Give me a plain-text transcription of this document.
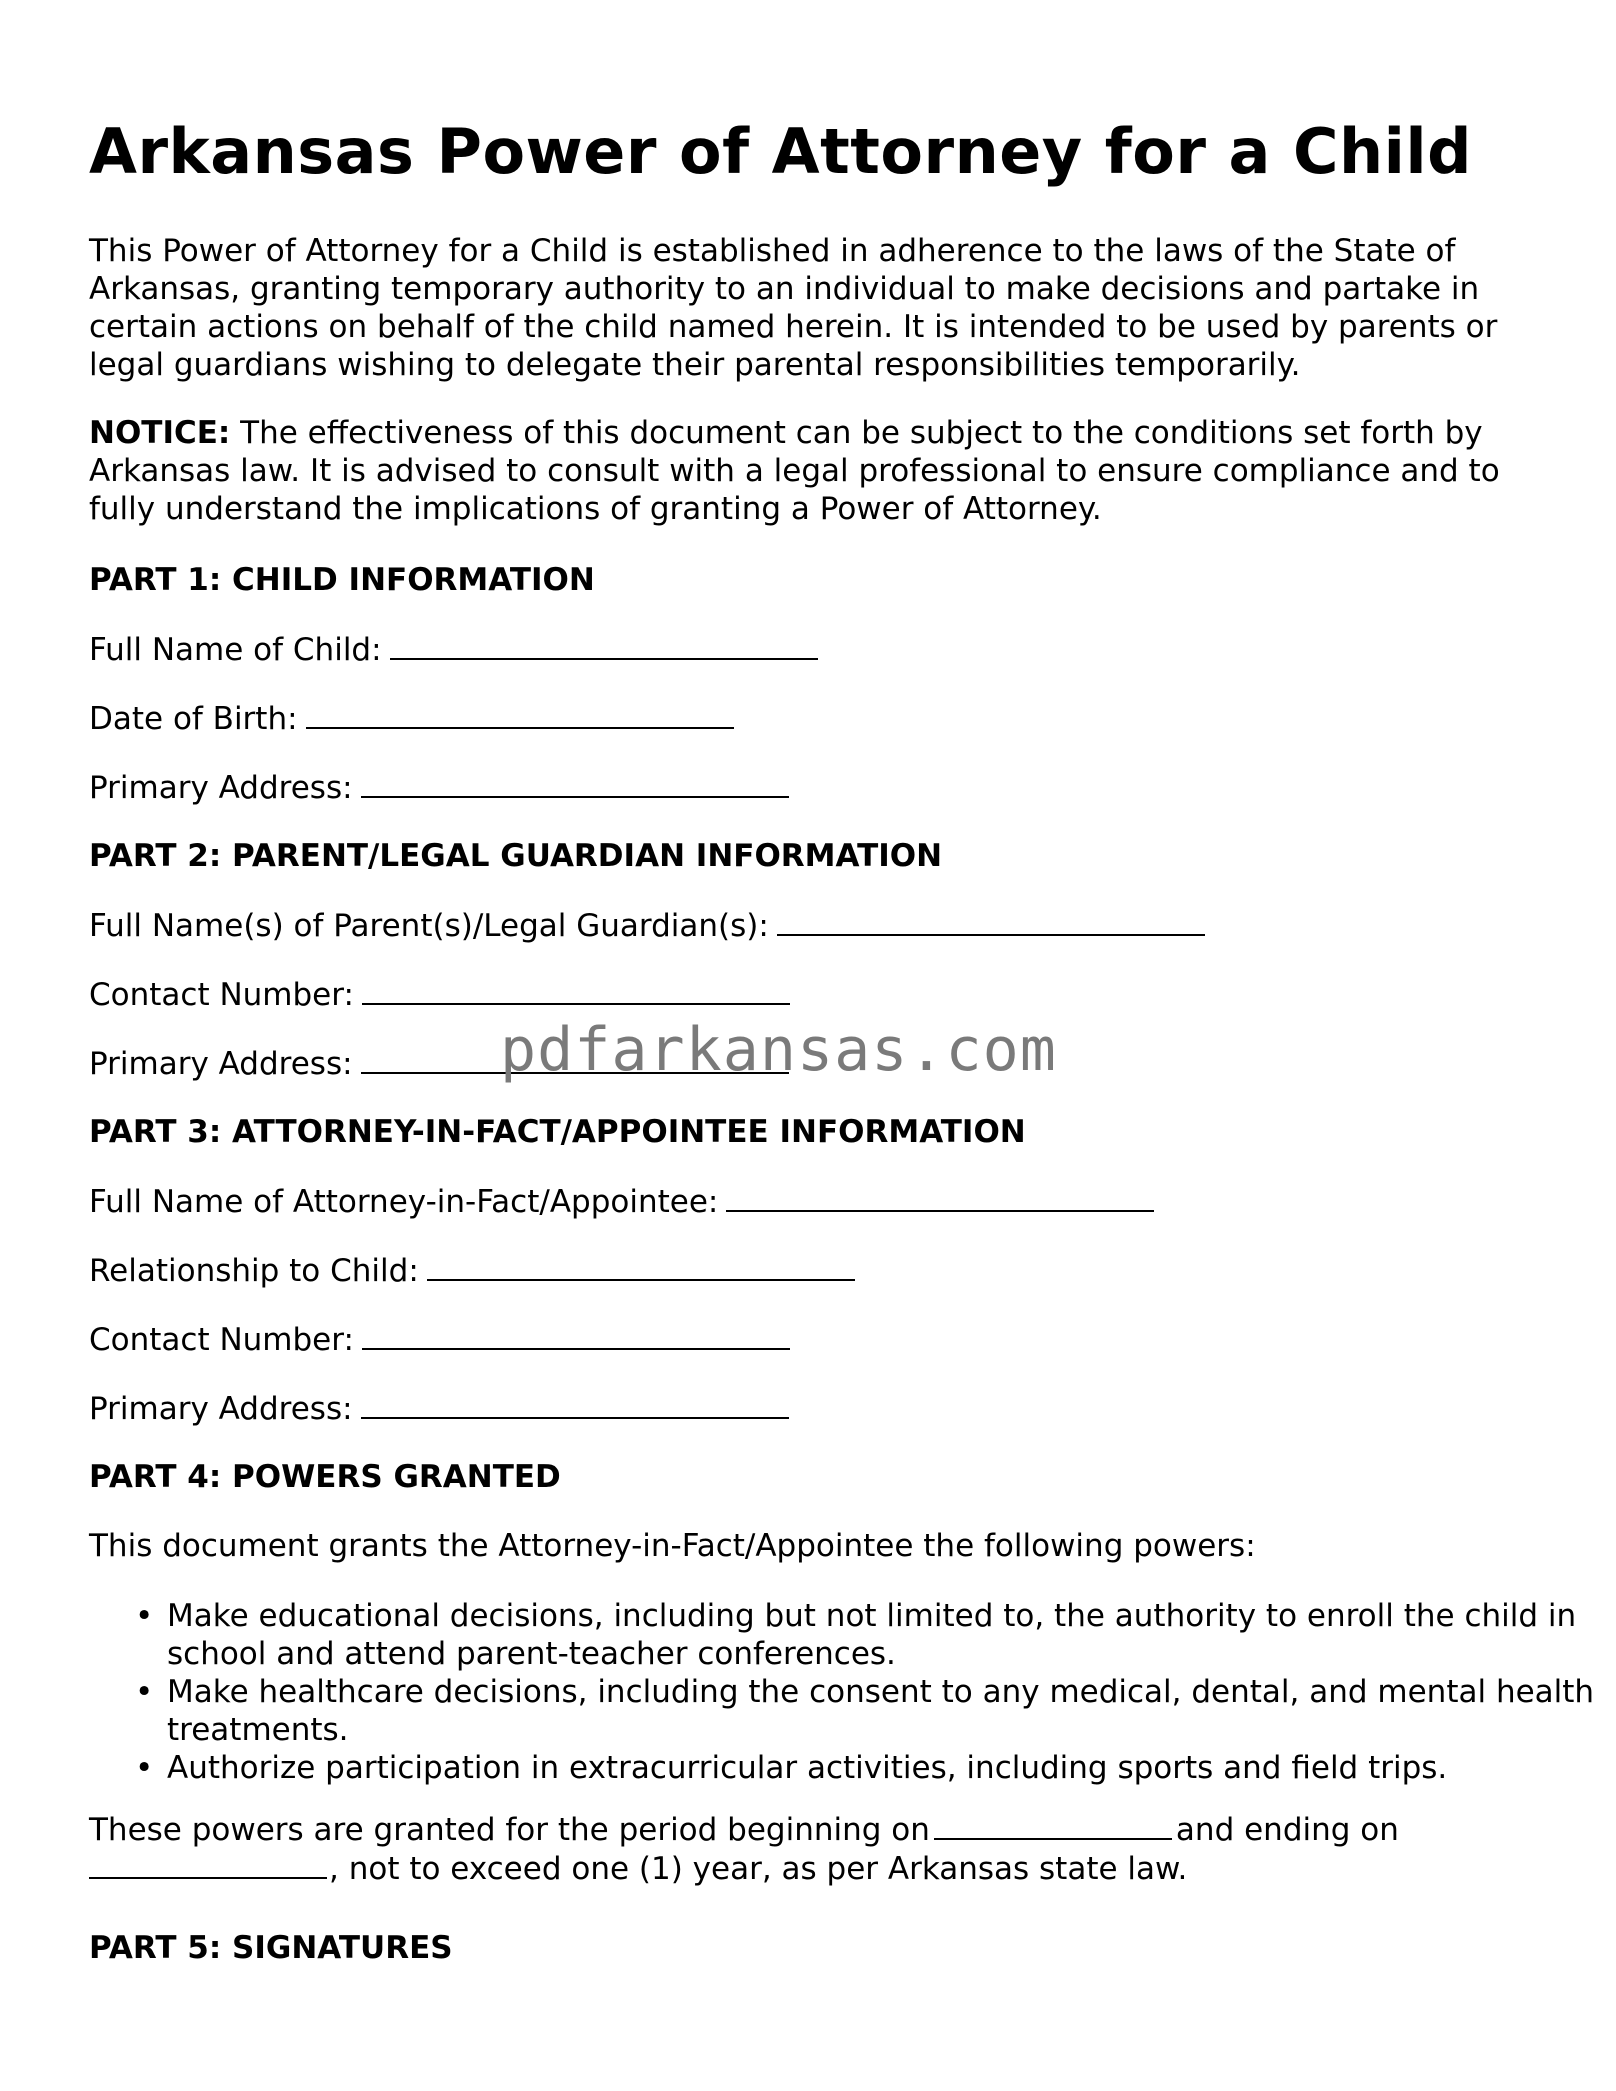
Arkansas Power of Attorney for a Child

This Power of Attorney for a Child is established in adherence to the laws of the State of Arkansas, granting temporary authority to an individual to make decisions and partake in certain actions on behalf of the child named herein. It is intended to be used by parents or legal guardians wishing to delegate their parental responsibilities temporarily.

NOTICE: The effectiveness of this document can be subject to the conditions set forth by Arkansas law. It is advised to consult with a legal professional to ensure compliance and to fully understand the implications of granting a Power of Attorney.

PART 1: CHILD INFORMATION
Full Name of Child:
Date of Birth:
Primary Address:
PART 2: PARENT/LEGAL GUARDIAN INFORMATION
Full Name(s) of Parent(s)/Legal Guardian(s):
Contact Number:
Primary Address:
PART 3: ATTORNEY-IN-FACT/APPOINTEE INFORMATION
Full Name of Attorney-in-Fact/Appointee:
Relationship to Child:
Contact Number:
Primary Address:
PART 4: POWERS GRANTED
This document grants the Attorney-in-Fact/Appointee the following powers:
• Make educational decisions, including but not limited to, the authority to enroll the child in school and attend parent-teacher conferences.
• Make healthcare decisions, including the consent to any medical, dental, and mental health treatments.
• Authorize participation in extracurricular activities, including sports and field trips.

These powers are granted for the period beginning on	and ending on
, not to exceed one (1) year, as per Arkansas state law.

PART 5: SIGNATURES
pdfarkansas.com
